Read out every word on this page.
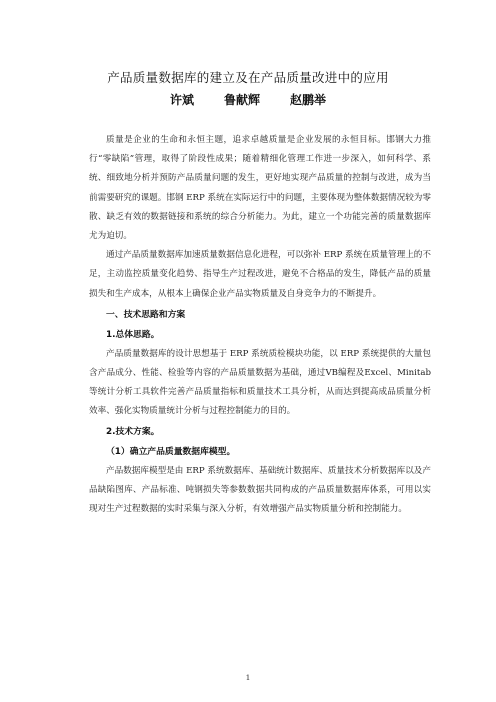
产品质量数据库的建立及在产品质量改进中的应用
许斌	鲁献辉	赵鹏举

质量是企业的生命和永恒主题，追求卓越质量是企业发展的永恒目标。邯钢大力推行“零缺陷”管理，取得了阶段性成果；随着精细化管理工作进一步深入，如何科学、系统、细致地分析并预防产品质量问题的发生，更好地实现产品质量的控制与改进，成为当前需要研究的课题。邯钢 ERP 系统在实际运行中的问题，主要体现为整体数据情况较为零散、缺乏有效的数据链接和系统的综合分析能力。为此，建立一个功能完善的质量数据库尤为迫切。

通过产品质量数据库加速质量数据信息化进程，可以弥补 ERP 系统在质量管理上的不足，主动监控质量变化趋势、指导生产过程改进，避免不合格品的发生，降低产品的质量损失和生产成本，从根本上确保企业产品实物质量及自身竞争力的不断提升。

一、技术思路和方案
1.总体思路。

产品质量数据库的设计思想基于 ERP 系统质检模块功能，以 ERP 系统提供的大量包含产品成分、性能、检验等内容的产品质量数据为基础，通过VB编程及Excel、Minitab等统计分析工具软件完善产品质量指标和质量技术工具分析，从而达到提高成品质量分析效率、强化实物质量统计分析与过程控制能力的目的。

2.技术方案。
（1）确立产品质量数据库模型。

产品数据库模型是由 ERP 系统数据库、基础统计数据库、质量技术分析数据库以及产品缺陷图库、产品标准、吨钢损失等参数数据共同构成的产品质量数据库体系，可用以实现对生产过程数据的实时采集与深入分析，有效增强产品实物质量分析和控制能力。

1
